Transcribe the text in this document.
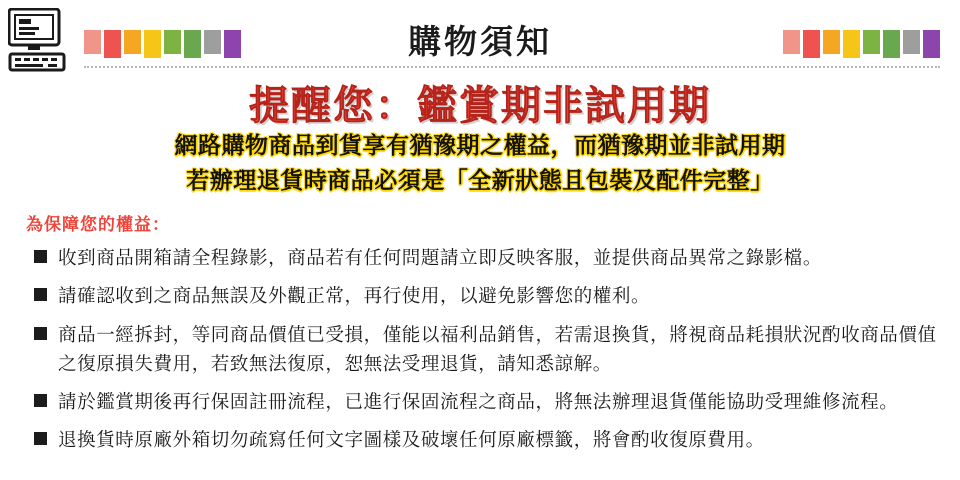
購物須知
提醒您：鑑賞期非試用期
網路購物商品到貨享有猶豫期之權益，而猶豫期並非試用期
若辦理退貨時商品必須是「全新狀態且包裝及配件完整」
為保障您的權益：
收到商品開箱請全程錄影，商品若有任何問題請立即反映客服，並提供商品異常之錄影檔。
請確認收到之商品無誤及外觀正常，再行使用，以避免影響您的權利。
商品一經拆封，等同商品價值已受損，僅能以福利品銷售，若需退換貨，將視商品耗損狀況酌收商品價值之復原損失費用，若致無法復原，恕無法受理退貨，請知悉諒解。
請於鑑賞期後再行保固註冊流程，已進行保固流程之商品，將無法辦理退貨僅能協助受理維修流程。
退換貨時原廠外箱切勿疏寫任何文字圖樣及破壞任何原廠標籤，將會酌收復原費用。
